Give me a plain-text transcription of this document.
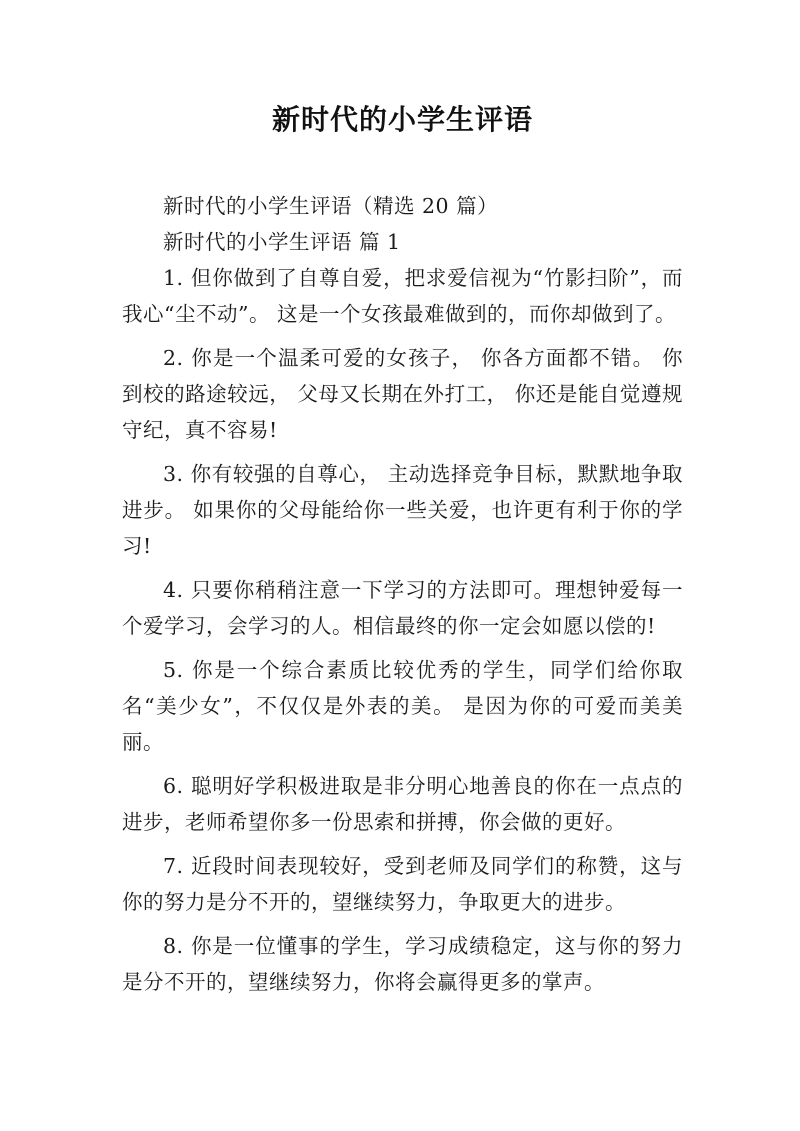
新时代的小学生评语

新时代的小学生评语（精选 20 篇）

新时代的小学生评语 篇 1

1. 但你做到了自尊自爱，把求爱信视为“竹影扫阶”，而我心“尘不动”。 这是一个女孩最难做到的，而你却做到了。

2. 你是一个温柔可爱的女孩子， 你各方面都不错。 你到校的路途较远， 父母又长期在外打工， 你还是能自觉遵规守纪，真不容易!

3. 你有较强的自尊心， 主动选择竞争目标，默默地争取进步。 如果你的父母能给你一些关爱，也许更有利于你的学习!

4. 只要你稍稍注意一下学习的方法即可。理想钟爱每一个爱学习，会学习的人。相信最终的你一定会如愿以偿的!

5. 你是一个综合素质比较优秀的学生，同学们给你取名“美少女”，不仅仅是外表的美。 是因为你的可爱而美美丽。

6. 聪明好学积极进取是非分明心地善良的你在一点点的进步，老师希望你多一份思索和拼搏，你会做的更好。

7. 近段时间表现较好，受到老师及同学们的称赞，这与你的努力是分不开的，望继续努力，争取更大的进步。

8. 你是一位懂事的学生，学习成绩稳定，这与你的努力是分不开的，望继续努力，你将会赢得更多的掌声。
